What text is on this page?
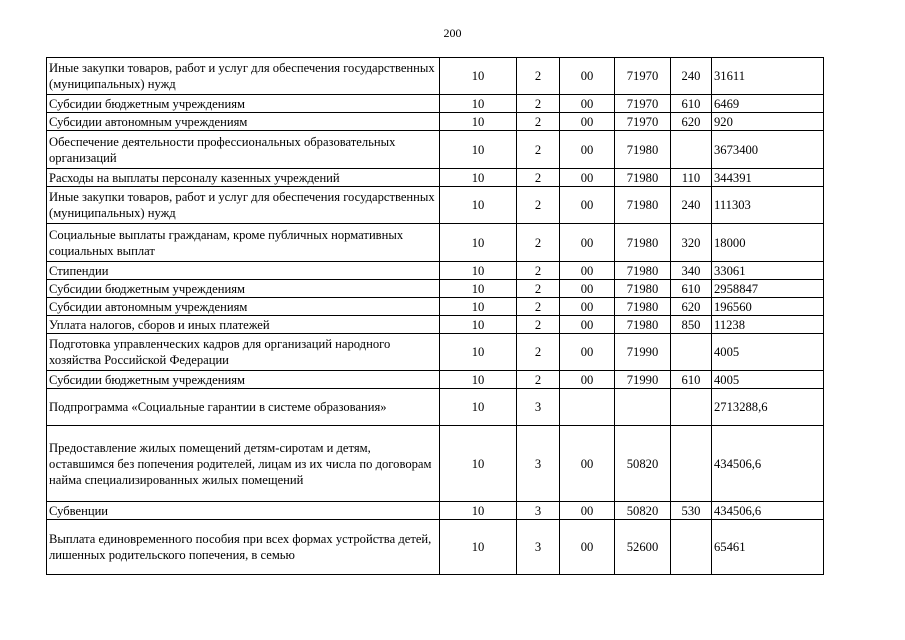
200
Иные закупки товаров, работ и услуг для обеспечения государственных (муниципальных) нужд	10	2	00	71970	240	31611
Субсидии бюджетным учреждениям	10	2	00	71970	610	6469
Субсидии автономным учреждениям	10	2	00	71970	620	920
Обеспечение деятельности профессиональных образовательных организаций	10	2	00	71980		3673400
Расходы на выплаты персоналу казенных учреждений	10	2	00	71980	110	344391
Иные закупки товаров, работ и услуг для обеспечения государственных (муниципальных) нужд	10	2	00	71980	240	111303
Социальные выплаты гражданам, кроме публичных нормативных социальных выплат	10	2	00	71980	320	18000
Стипендии	10	2	00	71980	340	33061
Субсидии бюджетным учреждениям	10	2	00	71980	610	2958847
Субсидии автономным учреждениям	10	2	00	71980	620	196560
Уплата налогов, сборов и иных платежей	10	2	00	71980	850	11238
Подготовка управленческих кадров для организаций народного хозяйства Российской Федерации	10	2	00	71990		4005
Субсидии бюджетным учреждениям	10	2	00	71990	610	4005
Подпрограмма «Социальные гарантии в системе образования»	10	3				2713288,6
Предоставление жилых помещений детям-сиротам и детям, оставшимся без попечения родителей, лицам из их числа по договорам найма специализированных жилых помещений	10	3	00	50820		434506,6
Субвенции	10	3	00	50820	530	434506,6
Выплата единовременного пособия при всех формах устройства детей, лишенных родительского попечения, в семью	10	3	00	52600		65461
